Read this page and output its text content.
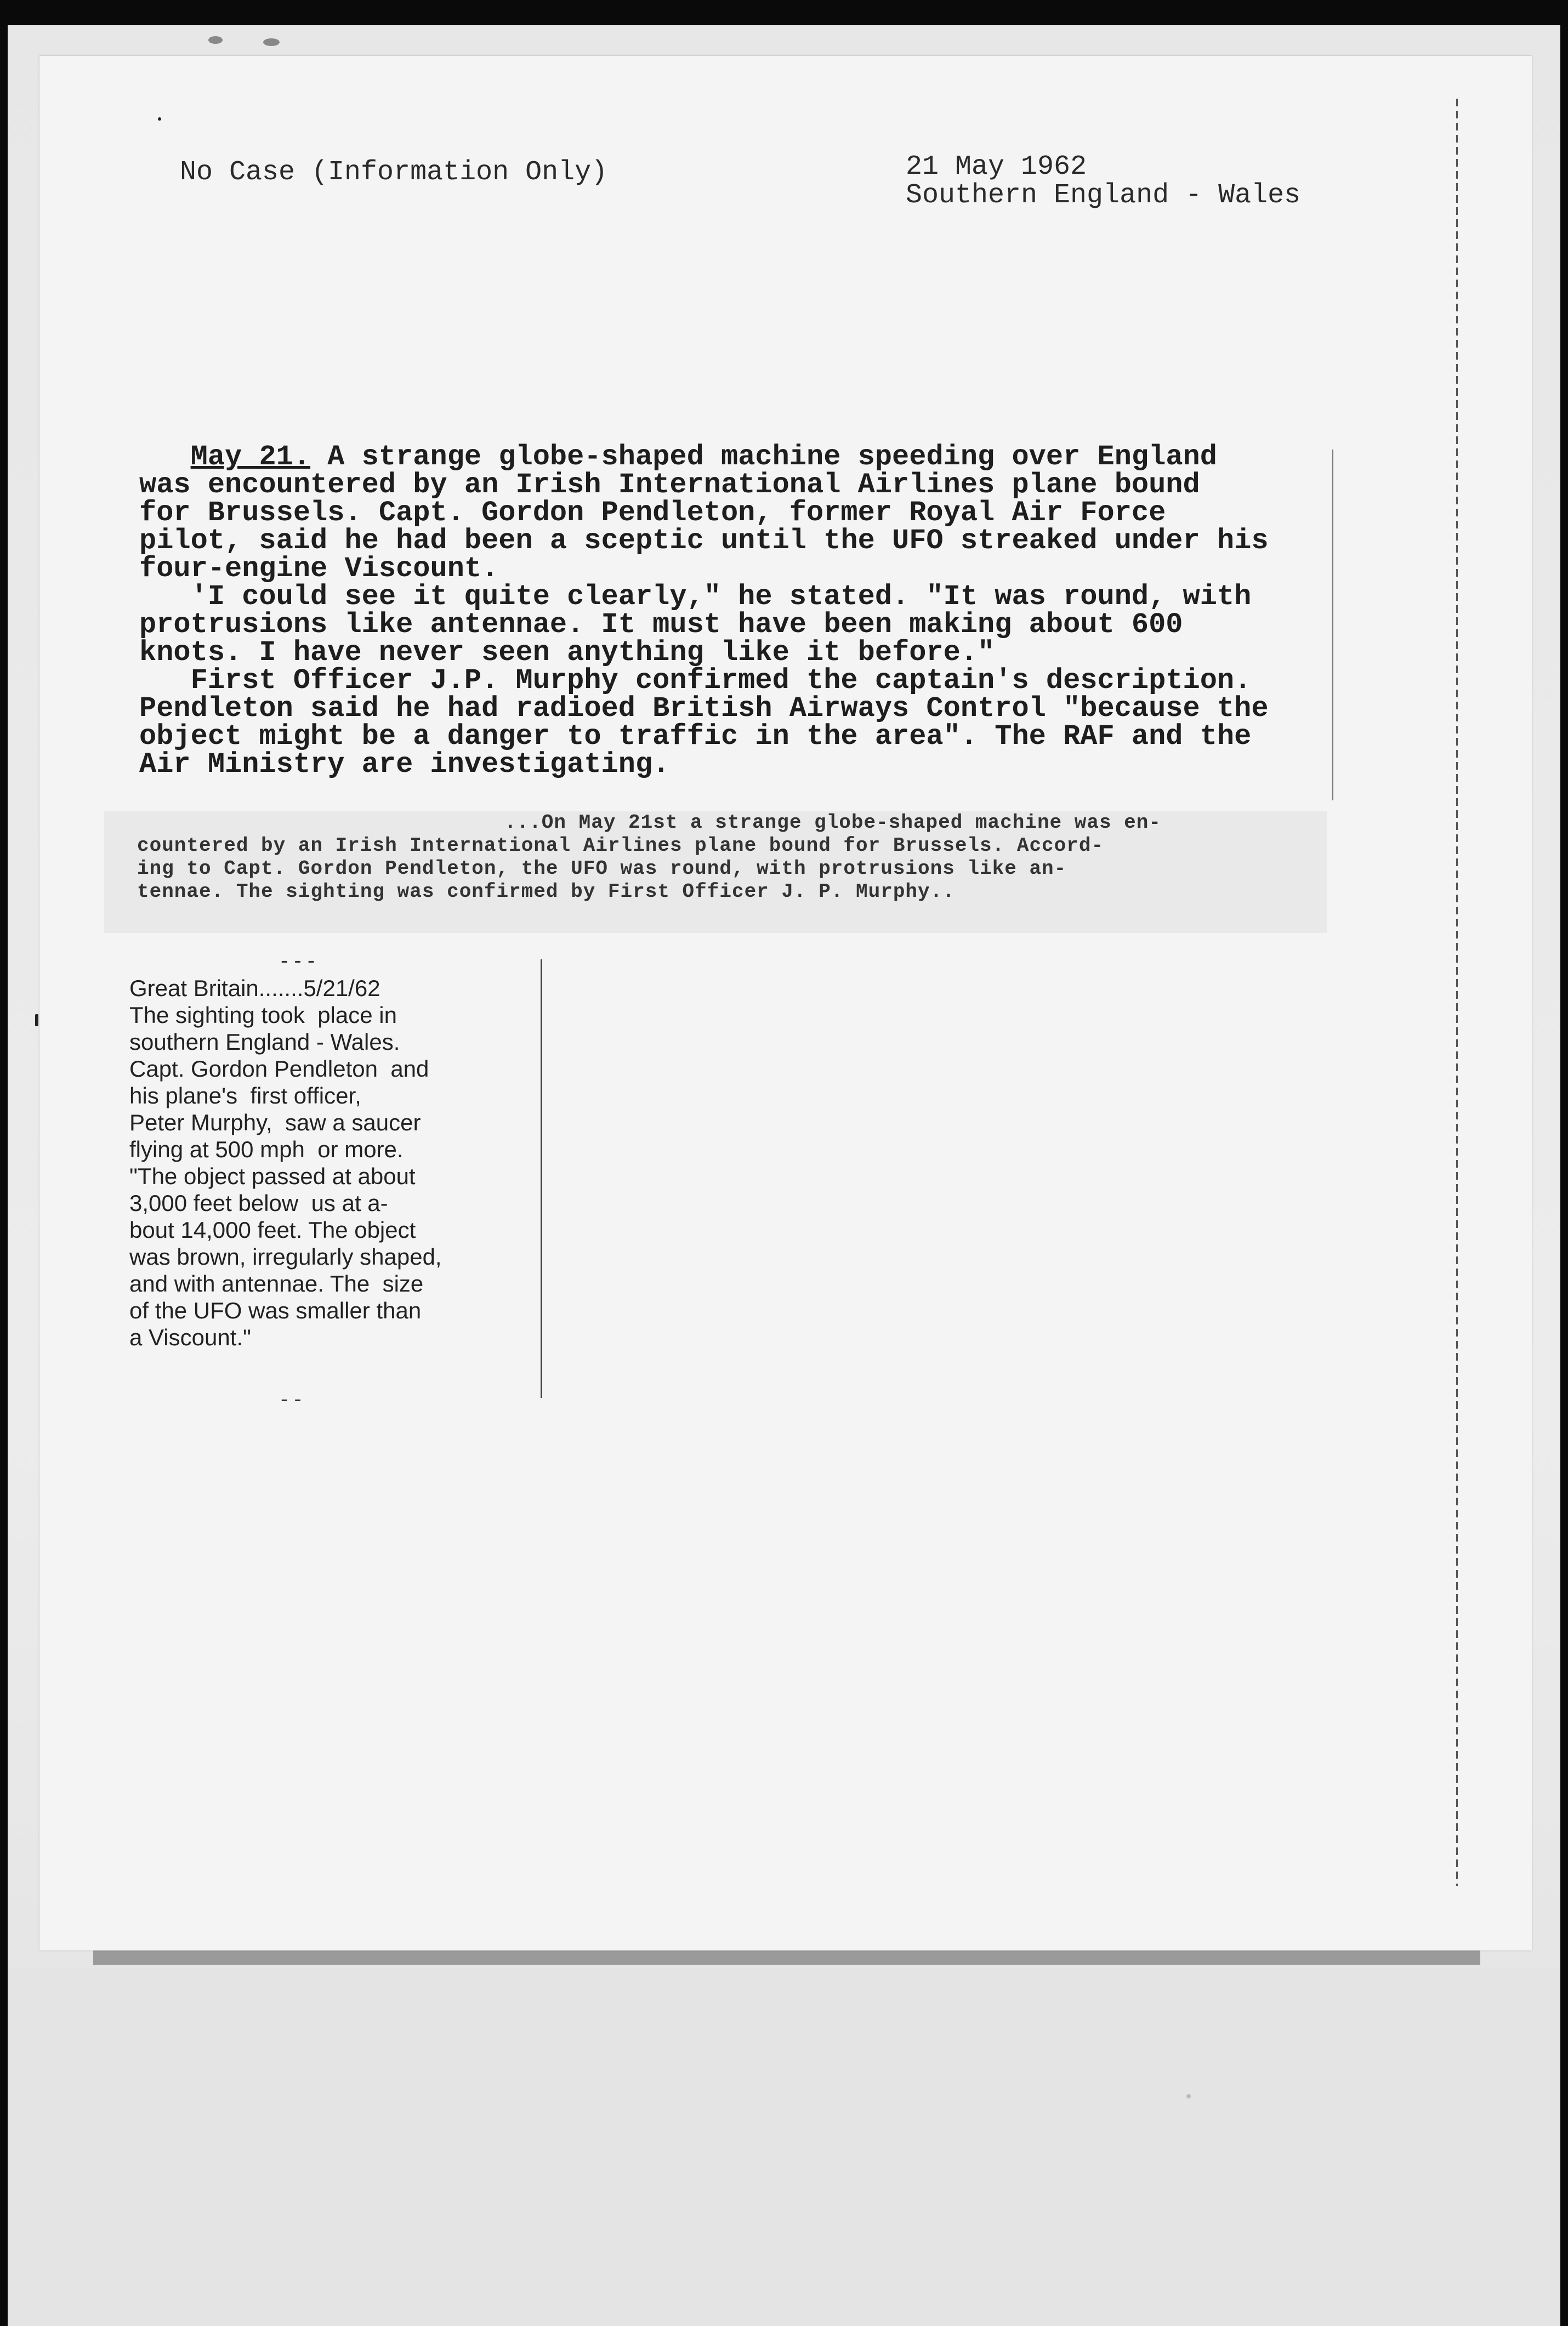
No Case (Information Only)	21 May 1962

Southern England - Wales

May 21. A strange globe-shaped machine speeding over England

was encountered by an Irish International Airlines plane bound

for Brussels. Capt. Gordon Pendleton, former Royal Air Force

pilot, said he had been a sceptic until the UFO streaked under his

four-engine Viscount.

'I could see it quite clearly," he stated. "It was round, with

protrusions like antennae. It must have been making about 600

knots. I have never seen anything like it before."

First Officer J.P. Murphy confirmed the captain's description.

Pendleton said he had radioed British Airways Control "because the

object might be a danger to traffic in the area". The RAF and the

Air Ministry are investigating.

...On May 21st a strange globe-shaped machine was en-

countered by an Irish International Airlines plane bound for Brussels. Accord-

ing to Capt. Gordon Pendleton, the UFO was round, with protrusions like an-

tennae. The sighting was confirmed by First Officer J. P. Murphy..

- - -

Great Britain.......5/21/62

The sighting took  place in

southern England - Wales.

Capt. Gordon Pendleton  and

his plane's  first officer,

Peter Murphy,  saw a saucer

flying at 500 mph  or more.

"The object passed at about

3,000 feet below  us at a-

bout 14,000 feet. The object

was brown, irregularly shaped,

and with antennae. The  size

of the UFO was smaller than

a Viscount."

- -
